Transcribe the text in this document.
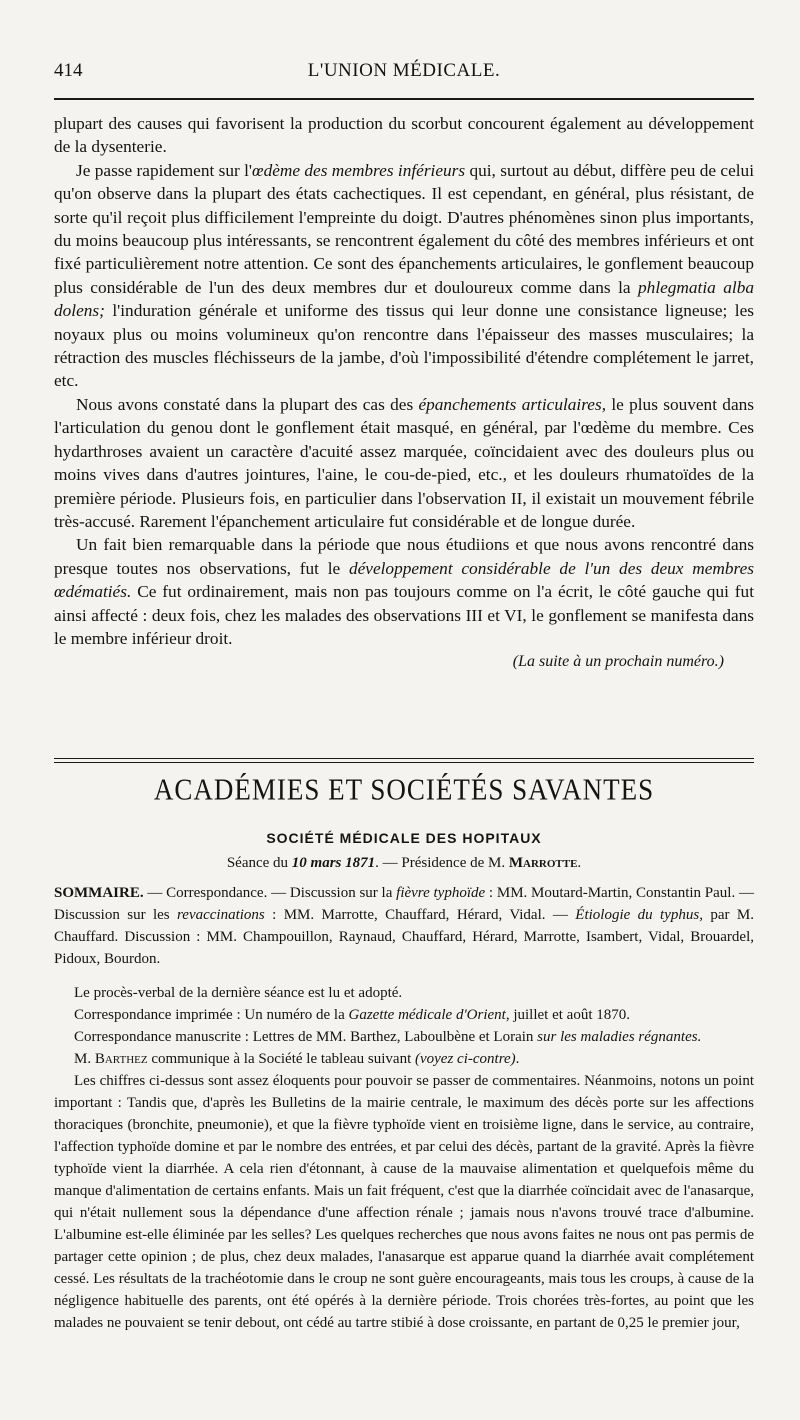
414	L'UNION MÉDICALE.

plupart des causes qui favorisent la production du scorbut concourent également au développement de la dysenterie.

Je passe rapidement sur l'œdème des membres inférieurs qui, surtout au début, diffère peu de celui qu'on observe dans la plupart des états cachectiques. Il est cependant, en général, plus résistant, de sorte qu'il reçoit plus difficilement l'empreinte du doigt. D'autres phénomènes sinon plus importants, du moins beaucoup plus intéressants, se rencontrent également du côté des membres inférieurs et ont fixé particulièrement notre attention. Ce sont des épanchements articulaires, le gonflement beaucoup plus considérable de l'un des deux membres dur et douloureux comme dans la phlegmatia alba dolens; l'induration générale et uniforme des tissus qui leur donne une consistance ligneuse; les noyaux plus ou moins volumineux qu'on rencontre dans l'épaisseur des masses musculaires; la rétraction des muscles fléchisseurs de la jambe, d'où l'impossibilité d'étendre complétement le jarret, etc.

Nous avons constaté dans la plupart des cas des épanchements articulaires, le plus souvent dans l'articulation du genou dont le gonflement était masqué, en général, par l'œdème du membre. Ces hydarthroses avaient un caractère d'acuité assez marquée, coïncidaient avec des douleurs plus ou moins vives dans d'autres jointures, l'aine, le cou-de-pied, etc., et les douleurs rhumatoïdes de la première période. Plusieurs fois, en particulier dans l'observation II, il existait un mouvement fébrile très-accusé. Rarement l'épanchement articulaire fut considérable et de longue durée.

Un fait bien remarquable dans la période que nous étudiions et que nous avons rencontré dans presque toutes nos observations, fut le développement considérable de l'un des deux membres œdématiés. Ce fut ordinairement, mais non pas toujours comme on l'a écrit, le côté gauche qui fut ainsi affecté : deux fois, chez les malades des observations III et VI, le gonflement se manifesta dans le membre inférieur droit.

(La suite à un prochain numéro.)
ACADÉMIES ET SOCIÉTÉS SAVANTES
SOCIÉTÉ MÉDICALE DES HOPITAUX
Séance du 10 mars 1871. — Présidence de M. Marrotte.

SOMMAIRE. — Correspondance. — Discussion sur la fièvre typhoïde : MM. Moutard-Martin, Constantin Paul. — Discussion sur les revaccinations : MM. Marrotte, Chauffard, Hérard, Vidal. — Étiologie du typhus, par M. Chauffard. Discussion : MM. Champouillon, Raynaud, Chauffard, Hérard, Marrotte, Isambert, Vidal, Brouardel, Pidoux, Bourdon.

Le procès-verbal de la dernière séance est lu et adopté.

Correspondance imprimée : Un numéro de la Gazette médicale d'Orient, juillet et août 1870.

Correspondance manuscrite : Lettres de MM. Barthez, Laboulbène et Lorain sur les maladies régnantes.

M. Barthez communique à la Société le tableau suivant (voyez ci-contre).

Les chiffres ci-dessus sont assez éloquents pour pouvoir se passer de commentaires. Néanmoins, notons un point important : Tandis que, d'après les Bulletins de la mairie centrale, le maximum des décès porte sur les affections thoraciques (bronchite, pneumonie), et que la fièvre typhoïde vient en troisième ligne, dans le service, au contraire, l'affection typhoïde domine et par le nombre des entrées, et par celui des décès, partant de la gravité. Après la fièvre typhoïde vient la diarrhée. A cela rien d'étonnant, à cause de la mauvaise alimentation et quelquefois même du manque d'alimentation de certains enfants. Mais un fait fréquent, c'est que la diarrhée coïncidait avec de l'anasarque, qui n'était nullement sous la dépendance d'une affection rénale ; jamais nous n'avons trouvé trace d'albumine. L'albumine est-elle éliminée par les selles? Les quelques recherches que nous avons faites ne nous ont pas permis de partager cette opinion ; de plus, chez deux malades, l'anasarque est apparue quand la diarrhée avait complétement cessé. Les résultats de la trachéotomie dans le croup ne sont guère encourageants, mais tous les croups, à cause de la négligence habituelle des parents, ont été opérés à la dernière période. Trois chorées très-fortes, au point que les malades ne pouvaient se tenir debout, ont cédé au tartre stibié à dose croissante, en partant de 0,25 le premier jour,
